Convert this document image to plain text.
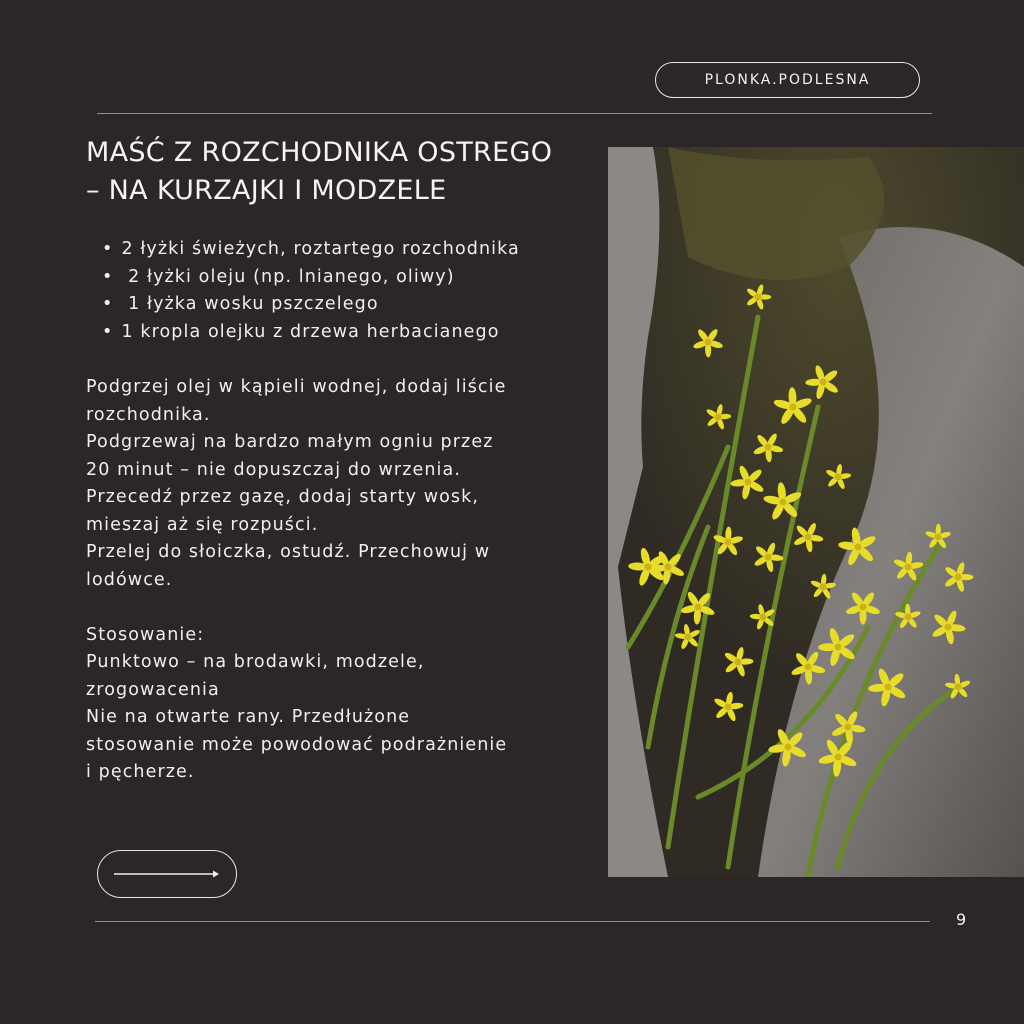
PLONKA.PODLESNA
MAŚĆ Z ROZCHODNIKA OSTREGO
– NA KURZAJKI I MODZELE
• 2 łyżki świeżych, roztartego rozchodnika
• 2 łyżki oleju (np. lnianego, oliwy)
• 1 łyżka wosku pszczelego
• 1 kropla olejku z drzewa herbacianego

Podgrzej olej w kąpieli wodnej, dodaj liście

rozchodnika.

Podgrzewaj na bardzo małym ogniu przez

20 minut – nie dopuszczaj do wrzenia.

Przecedź przez gazę, dodaj starty wosk,

mieszaj aż się rozpuści.

Przelej do słoiczka, ostudź. Przechowuj w

lodówce.

Stosowanie:

Punktowo – na brodawki, modzele,

zrogowacenia

Nie na otwarte rany. Przedłużone

stosowanie może powodować podrażnienie

i pęcherze.

9
